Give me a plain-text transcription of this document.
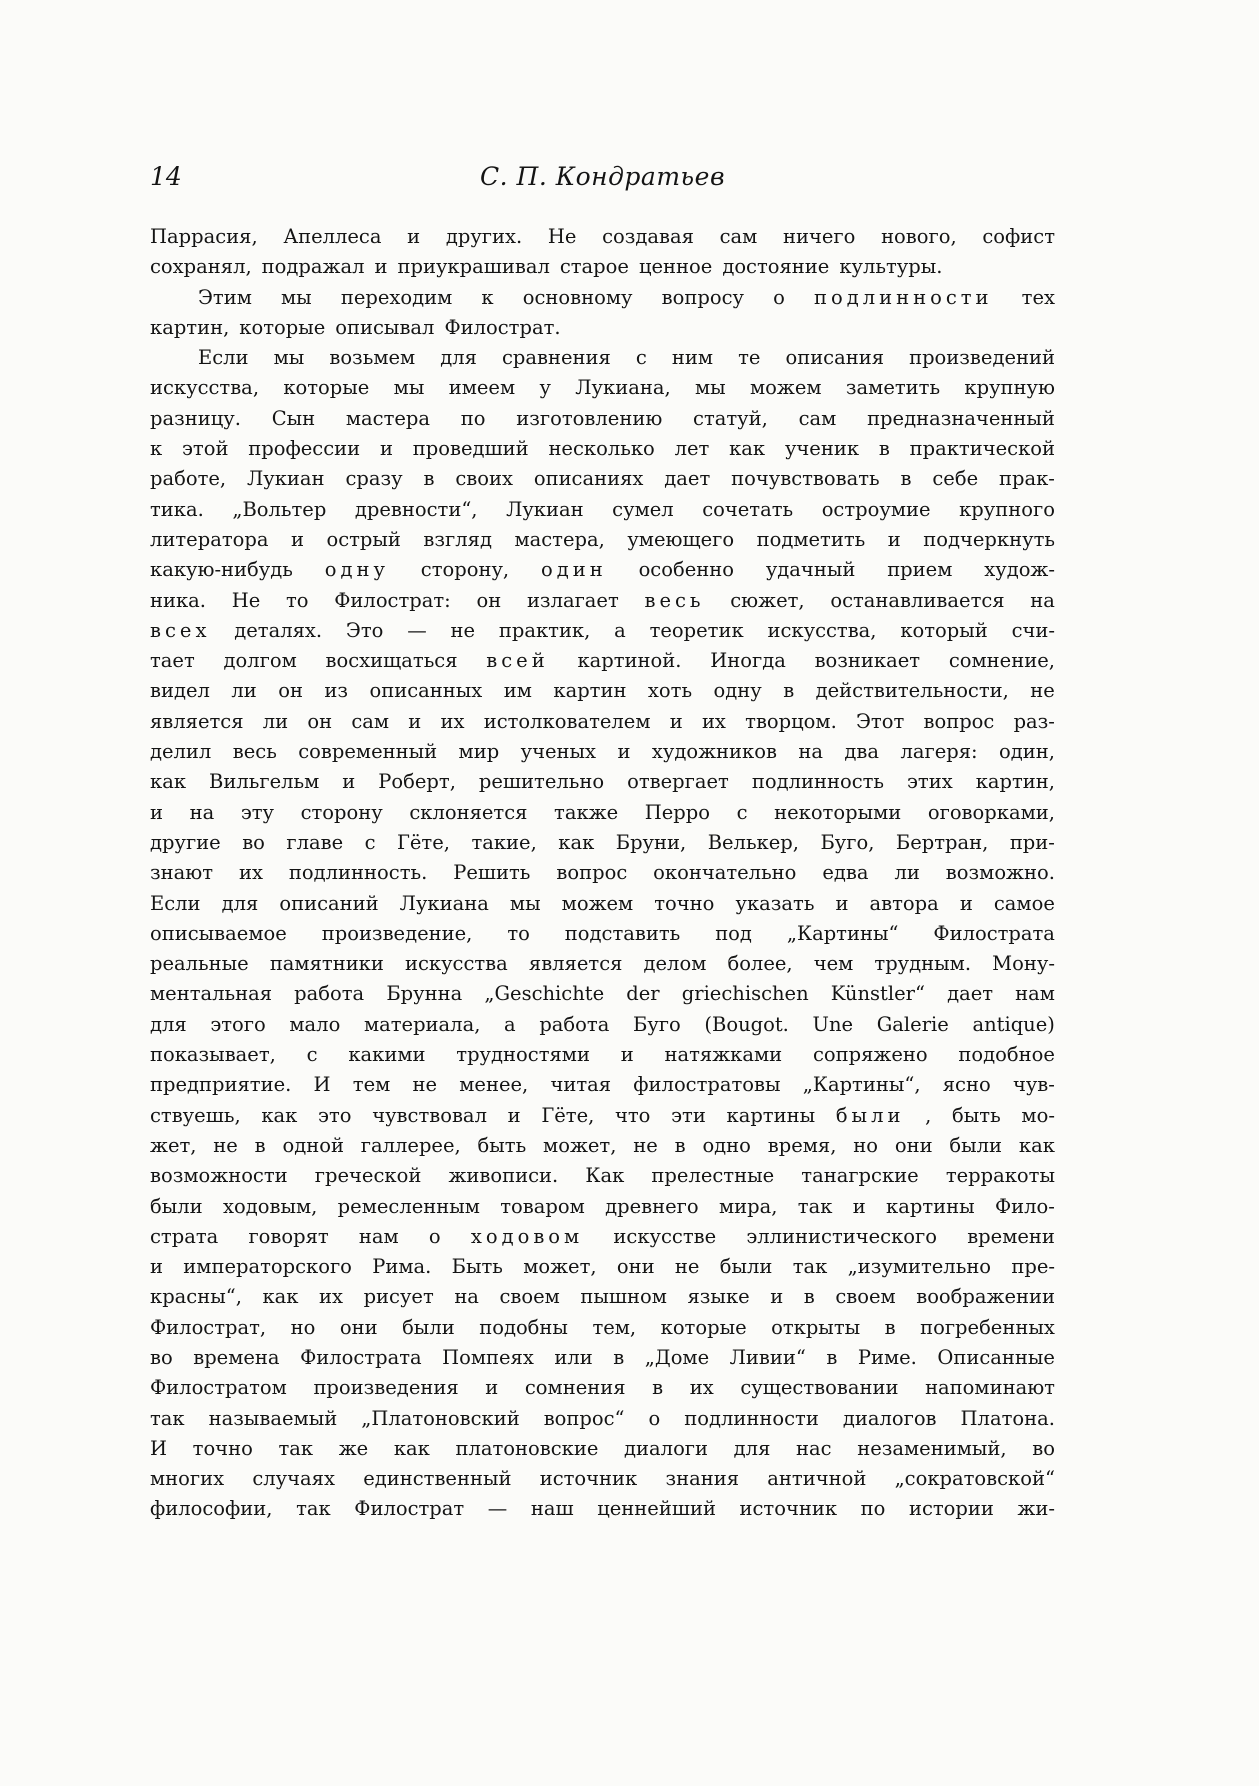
14	С. П. Кондратьев
Паррасия, Апеллеса и других. Не создавая сам ничего нового, софист
сохранял, подражал и приукрашивал старое ценное достояние культуры.
Этим мы переходим к основному вопросу о подлинности тех
картин, которые описывал Филострат.
Если мы возьмем для сравнения с ним те описания произведений
искусства, которые мы имеем у Лукиана, мы можем заметить крупную
разницу. Сын мастера по изготовлению статуй, сам предназначенный
к этой профессии и проведший несколько лет как ученик в практической
работе, Лукиан сразу в своих описаниях дает почувствовать в себе прак-
тика. „Вольтер древности“, Лукиан сумел сочетать остроумие крупного
литератора и острый взгляд мастера, умеющего подметить и подчеркнуть
какую-нибудь одну сторону, один особенно удачный прием худож-
ника. Не то Филострат: он излагает весь сюжет, останавливается на
всех деталях. Это — не практик, а теоретик искусства, который счи-
тает долгом восхищаться всей картиной. Иногда возникает сомнение,
видел ли он из описанных им картин хоть одну в действительности, не
является ли он сам и их истолкователем и их творцом. Этот вопрос раз-
делил весь современный мир ученых и художников на два лагеря: один,
как Вильгельм и Роберт, решительно отвергает подлинность этих картин,
и на эту сторону склоняется также Перро с некоторыми оговорками,
другие во главе с Гёте, такие, как Бруни, Велькер, Буго, Бертран, при-
знают их подлинность. Решить вопрос окончательно едва ли возможно.
Если для описаний Лукиана мы можем точно указать и автора и самое
описываемое произведение, то подставить под „Картины“ Филострата
реальные памятники искусства является делом более, чем трудным. Мону-
ментальная работа Брунна „Geschichte der griechischen Künstler“ дает нам
для этого мало материала, а работа Буго (Bougot. Une Galerie antique)
показывает, с какими трудностями и натяжками сопряжено подобное
предприятие. И тем не менее, читая филостратовы „Картины“, ясно чув-
ствуешь, как это чувствовал и Гёте, что эти картины были , быть мо-
жет, не в одной галлерее, быть может, не в одно время, но они были как
возможности греческой живописи. Как прелестные танагрские терракоты
были ходовым, ремесленным товаром древнего мира, так и картины Фило-
страта говорят нам о ходовом искусстве эллинистического времени
и императорского Рима. Быть может, они не были так „изумительно пре-
красны“, как их рисует на своем пышном языке и в своем воображении
Филострат, но они были подобны тем, которые открыты в погребенных
во времена Филострата Помпеях или в „Доме Ливии“ в Риме. Описанные
Филостратом произведения и сомнения в их существовании напоминают
так называемый „Платоновский вопрос“ о подлинности диалогов Платона.
И точно так же как платоновские диалоги для нас незаменимый, во
многих случаях единственный источник знания античной „сократовской“
философии, так Филострат — наш ценнейший источник по истории жи-
